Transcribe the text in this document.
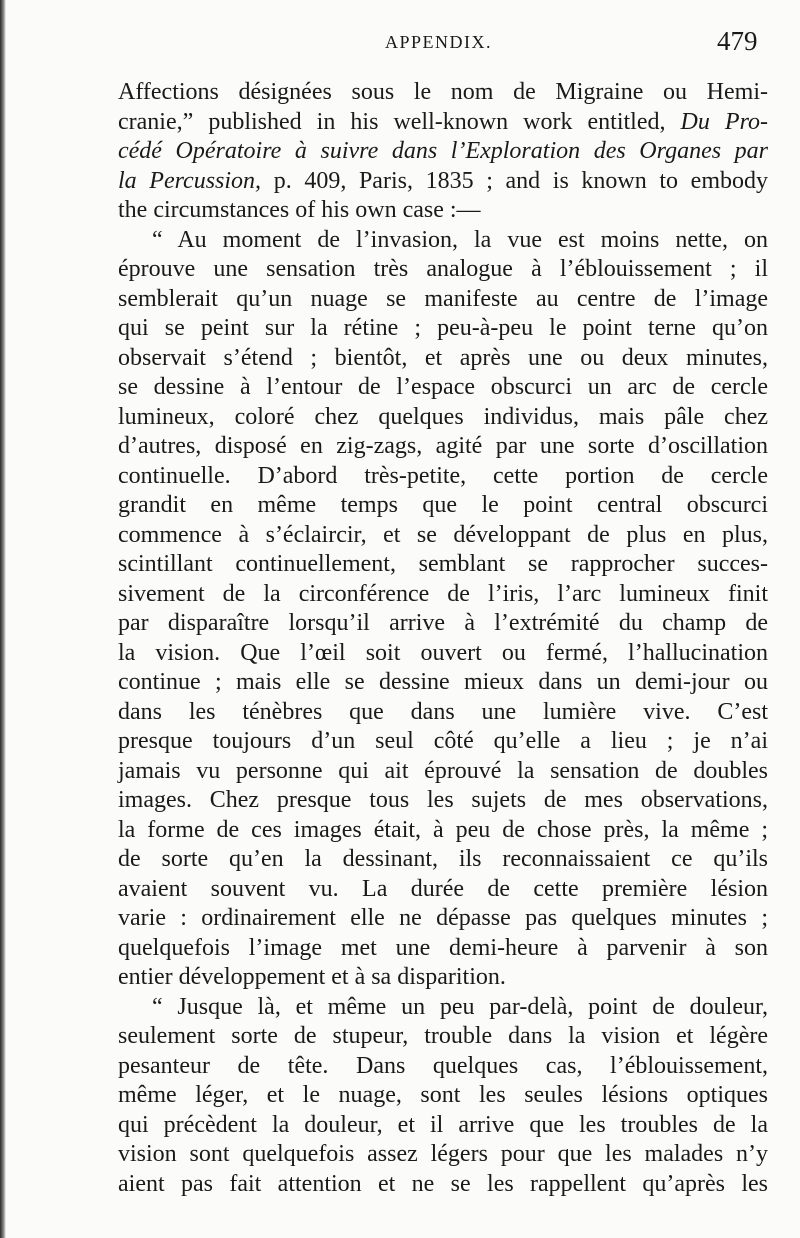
APPENDIX.	479
Affections désignées sous le nom de Migraine ou Hemi-
cranie,” published in his well-known work entitled, Du Pro-
cédé Opératoire à suivre dans l’Exploration des Organes par
la Percussion, p. 409, Paris, 1835 ; and is known to embody
the circumstances of his own case :—
“ Au moment de l’invasion, la vue est moins nette, on
éprouve une sensation très analogue à l’éblouissement ; il
semblerait qu’un nuage se manifeste au centre de l’image
qui se peint sur la rétine ; peu-à-peu le point terne qu’on
observait s’étend ; bientôt, et après une ou deux minutes,
se dessine à l’entour de l’espace obscurci un arc de cercle
lumineux, coloré chez quelques individus, mais pâle chez
d’autres, disposé en zig-zags, agité par une sorte d’oscillation
continuelle. D’abord très-petite, cette portion de cercle
grandit en même temps que le point central obscurci
commence à s’éclaircir, et se développant de plus en plus,
scintillant continuellement, semblant se rapprocher succes-
sivement de la circonférence de l’iris, l’arc lumineux finit
par disparaître lorsqu’il arrive à l’extrémité du champ de
la vision. Que l’œil soit ouvert ou fermé, l’hallucination
continue ; mais elle se dessine mieux dans un demi-jour ou
dans les ténèbres que dans une lumière vive. C’est
presque toujours d’un seul côté qu’elle a lieu ; je n’ai
jamais vu personne qui ait éprouvé la sensation de doubles
images. Chez presque tous les sujets de mes observations,
la forme de ces images était, à peu de chose près, la même ;
de sorte qu’en la dessinant, ils reconnaissaient ce qu’ils
avaient souvent vu. La durée de cette première lésion
varie : ordinairement elle ne dépasse pas quelques minutes ;
quelquefois l’image met une demi-heure à parvenir à son
entier développement et à sa disparition.
“ Jusque là, et même un peu par-delà, point de douleur,
seulement sorte de stupeur, trouble dans la vision et légère
pesanteur de tête. Dans quelques cas, l’éblouissement,
même léger, et le nuage, sont les seules lésions optiques
qui précèdent la douleur, et il arrive que les troubles de la
vision sont quelquefois assez légers pour que les malades n’y
aient pas fait attention et ne se les rappellent qu’après les
